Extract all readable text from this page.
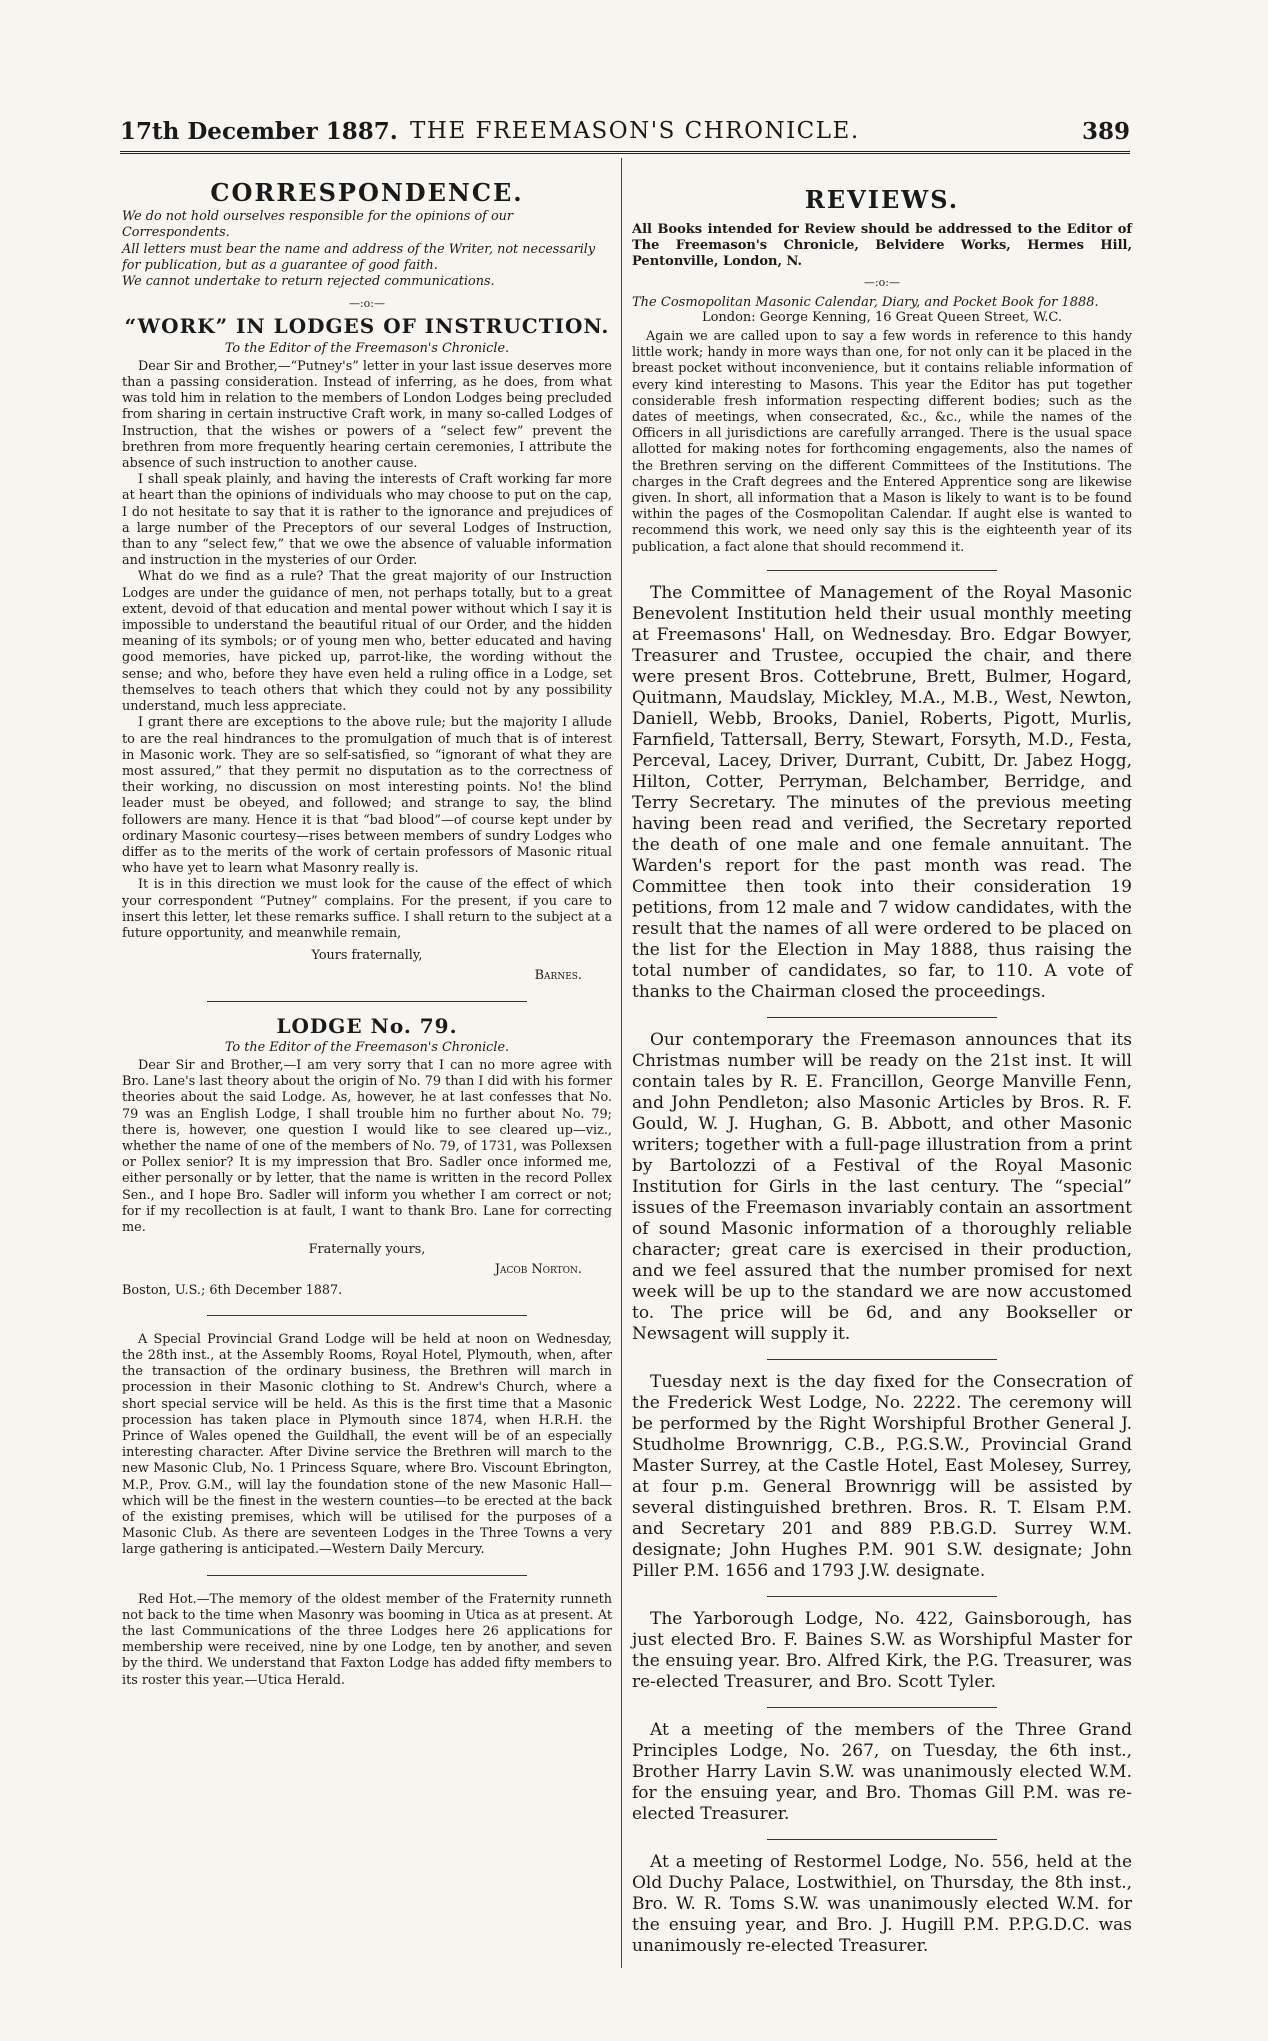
17th December 1887. THE FREEMASON'S CHRONICLE.	389
CORRESPONDENCE.

We do not hold ourselves responsible for the opinions of our Correspondents.

All letters must bear the name and address of the Writer, not necessarily for publication, but as a guarantee of good faith.

We cannot undertake to return rejected communications.

—:o:—
“WORK” IN LODGES OF INSTRUCTION.

To the Editor of the Freemason's Chronicle.

Dear Sir and Brother,—“Putney's” letter in your last issue deserves more than a passing consideration. Instead of inferring, as he does, from what was told him in relation to the members of London Lodges being precluded from sharing in certain instructive Craft work, in many so-called Lodges of Instruction, that the wishes or powers of a “select few” prevent the brethren from more frequently hearing certain ceremonies, I attribute the absence of such instruction to another cause.

I shall speak plainly, and having the interests of Craft working far more at heart than the opinions of individuals who may choose to put on the cap, I do not hesitate to say that it is rather to the ignorance and prejudices of a large number of the Preceptors of our several Lodges of Instruction, than to any “select few,” that we owe the absence of valuable information and instruction in the mysteries of our Order.

What do we find as a rule? That the great majority of our Instruction Lodges are under the guidance of men, not perhaps totally, but to a great extent, devoid of that education and mental power without which I say it is impossible to understand the beautiful ritual of our Order, and the hidden meaning of its symbols; or of young men who, better educated and having good memories, have picked up, parrot-like, the wording without the sense; and who, before they have even held a ruling office in a Lodge, set themselves to teach others that which they could not by any possibility understand, much less appreciate.

I grant there are exceptions to the above rule; but the majority I allude to are the real hindrances to the promulgation of much that is of interest in Masonic work. They are so self-satisfied, so “ignorant of what they are most assured,” that they permit no disputation as to the correctness of their working, no discussion on most interesting points. No! the blind leader must be obeyed, and followed; and strange to say, the blind followers are many. Hence it is that “bad blood”—of course kept under by ordinary Masonic courtesy—rises between members of sundry Lodges who differ as to the merits of the work of certain professors of Masonic ritual who have yet to learn what Masonry really is.

It is in this direction we must look for the cause of the effect of which your correspondent “Putney” complains. For the present, if you care to insert this letter, let these remarks suffice. I shall return to the subject at a future opportunity, and meanwhile remain,

Yours fraternally,

Barnes.

LODGE No. 79.

To the Editor of the Freemason's Chronicle.

Dear Sir and Brother,—I am very sorry that I can no more agree with Bro. Lane's last theory about the origin of No. 79 than I did with his former theories about the said Lodge. As, however, he at last confesses that No. 79 was an English Lodge, I shall trouble him no further about No. 79; there is, however, one question I would like to see cleared up—viz., whether the name of one of the members of No. 79, of 1731, was Pollexsen or Pollex senior? It is my impression that Bro. Sadler once informed me, either personally or by letter, that the name is written in the record Pollex Sen., and I hope Bro. Sadler will inform you whether I am correct or not; for if my recollection is at fault, I want to thank Bro. Lane for correcting me.

Fraternally yours,

Jacob Norton.

Boston, U.S.; 6th December 1887.

A Special Provincial Grand Lodge will be held at noon on Wednesday, the 28th inst., at the Assembly Rooms, Royal Hotel, Plymouth, when, after the transaction of the ordinary business, the Brethren will march in procession in their Masonic clothing to St. Andrew's Church, where a short special service will be held. As this is the first time that a Masonic procession has taken place in Plymouth since 1874, when H.R.H. the Prince of Wales opened the Guildhall, the event will be of an especially interesting character. After Divine service the Brethren will march to the new Masonic Club, No. 1 Princess Square, where Bro. Viscount Ebrington, M.P., Prov. G.M., will lay the foundation stone of the new Masonic Hall—which will be the finest in the western counties—to be erected at the back of the existing premises, which will be utilised for the purposes of a Masonic Club. As there are seventeen Lodges in the Three Towns a very large gathering is anticipated.—Western Daily Mercury.

Red Hot.—The memory of the oldest member of the Fraternity runneth not back to the time when Masonry was booming in Utica as at present. At the last Communications of the three Lodges here 26 applications for membership were received, nine by one Lodge, ten by another, and seven by the third. We understand that Faxton Lodge has added fifty members to its roster this year.—Utica Herald.

REVIEWS.

All Books intended for Review should be addressed to the Editor of The Freemason's Chronicle, Belvidere Works, Hermes Hill, Pentonville, London, N.

—:o:—

The Cosmopolitan Masonic Calendar, Diary, and Pocket Book for 1888.

London: George Kenning, 16 Great Queen Street, W.C.

Again we are called upon to say a few words in reference to this handy little work; handy in more ways than one, for not only can it be placed in the breast pocket without inconvenience, but it contains reliable information of every kind interesting to Masons. This year the Editor has put together considerable fresh information respecting different bodies; such as the dates of meetings, when consecrated, &c., &c., while the names of the Officers in all jurisdictions are carefully arranged. There is the usual space allotted for making notes for forthcoming engagements, also the names of the Brethren serving on the different Committees of the Institutions. The charges in the Craft degrees and the Entered Apprentice song are likewise given. In short, all information that a Mason is likely to want is to be found within the pages of the Cosmopolitan Calendar. If aught else is wanted to recommend this work, we need only say this is the eighteenth year of its publication, a fact alone that should recommend it.

The Committee of Management of the Royal Masonic Benevolent Institution held their usual monthly meeting at Freemasons' Hall, on Wednesday. Bro. Edgar Bowyer, Treasurer and Trustee, occupied the chair, and there were present Bros. Cottebrune, Brett, Bulmer, Hogard, Quitmann, Maudslay, Mickley, M.A., M.B., West, Newton, Daniell, Webb, Brooks, Daniel, Roberts, Pigott, Murlis, Farnfield, Tattersall, Berry, Stewart, Forsyth, M.D., Festa, Perceval, Lacey, Driver, Durrant, Cubitt, Dr. Jabez Hogg, Hilton, Cotter, Perryman, Belchamber, Berridge, and Terry Secretary. The minutes of the previous meeting having been read and verified, the Secretary reported the death of one male and one female annuitant. The Warden's report for the past month was read. The Committee then took into their consideration 19 petitions, from 12 male and 7 widow candidates, with the result that the names of all were ordered to be placed on the list for the Election in May 1888, thus raising the total number of candidates, so far, to 110. A vote of thanks to the Chairman closed the proceedings.

Our contemporary the Freemason announces that its Christmas number will be ready on the 21st inst. It will contain tales by R. E. Francillon, George Manville Fenn, and John Pendleton; also Masonic Articles by Bros. R. F. Gould, W. J. Hughan, G. B. Abbott, and other Masonic writers; together with a full-page illustration from a print by Bartolozzi of a Festival of the Royal Masonic Institution for Girls in the last century. The “special” issues of the Freemason invariably contain an assortment of sound Masonic information of a thoroughly reliable character; great care is exercised in their production, and we feel assured that the number promised for next week will be up to the standard we are now accustomed to. The price will be 6d, and any Bookseller or Newsagent will supply it.

Tuesday next is the day fixed for the Consecration of the Frederick West Lodge, No. 2222. The ceremony will be performed by the Right Worshipful Brother General J. Studholme Brownrigg, C.B., P.G.S.W., Provincial Grand Master Surrey, at the Castle Hotel, East Molesey, Surrey, at four p.m. General Brownrigg will be assisted by several distinguished brethren. Bros. R. T. Elsam P.M. and Secretary 201 and 889 P.B.G.D. Surrey W.M. designate; John Hughes P.M. 901 S.W. designate; John Piller P.M. 1656 and 1793 J.W. designate.

The Yarborough Lodge, No. 422, Gainsborough, has just elected Bro. F. Baines S.W. as Worshipful Master for the ensuing year. Bro. Alfred Kirk, the P.G. Treasurer, was re-elected Treasurer, and Bro. Scott Tyler.

At a meeting of the members of the Three Grand Principles Lodge, No. 267, on Tuesday, the 6th inst., Brother Harry Lavin S.W. was unanimously elected W.M. for the ensuing year, and Bro. Thomas Gill P.M. was re-elected Treasurer.

At a meeting of Restormel Lodge, No. 556, held at the Old Duchy Palace, Lostwithiel, on Thursday, the 8th inst., Bro. W. R. Toms S.W. was unanimously elected W.M. for the ensuing year, and Bro. J. Hugill P.M. P.P.G.D.C. was unanimously re-elected Treasurer.
